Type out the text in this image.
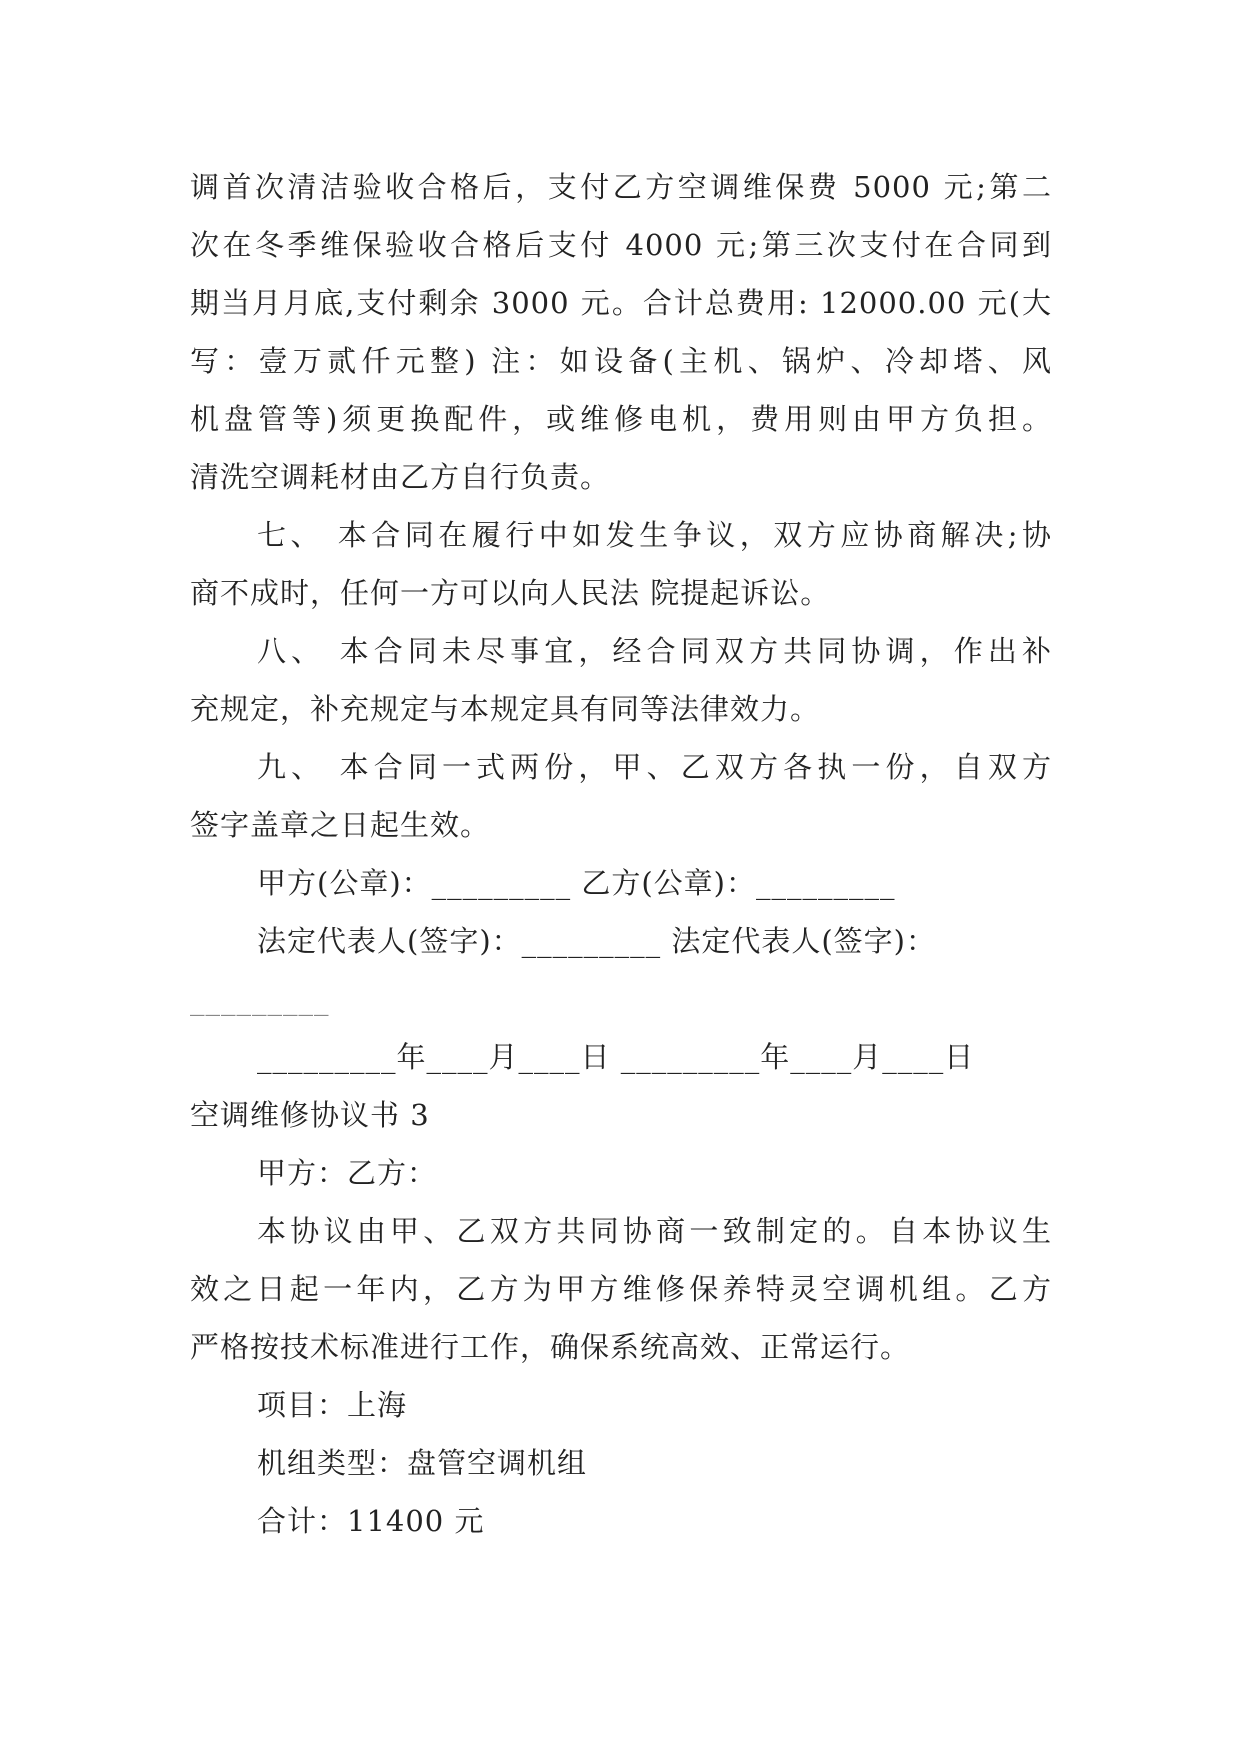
调首次清洁验收合格后，支付乙方空调维保费 5000 元;第二
次在冬季维保验收合格后支付 4000 元;第三次支付在合同到
期当月月底,支付剩余 3000 元。合计总费用: 12000.00 元(大
写：壹万贰仟元整) 注：如设备(主机、锅炉、冷却塔、风
机盘管等)须更换配件，或维修电机，费用则由甲方负担。
清洗空调耗材由乙方自行负责。
七、 本合同在履行中如发生争议，双方应协商解决;协
商不成时，任何一方可以向人民法 院提起诉讼。
八、 本合同未尽事宜，经合同双方共同协调，作出补
充规定，补充规定与本规定具有同等法律效力。
九、 本合同一式两份，甲、乙双方各执一份，自双方
签字盖章之日起生效。
甲方(公章)：_________ 乙方(公章)：_________
法定代表人(签字)：_________ 法定代表人(签字)：
_________
_________年____月____日 _________年____月____日
空调维修协议书 3
甲方：乙方：
本协议由甲、乙双方共同协商一致制定的。自本协议生
效之日起一年内，乙方为甲方维修保养特灵空调机组。乙方
严格按技术标准进行工作，确保系统高效、正常运行。
项目：上海
机组类型：盘管空调机组
合计：11400 元
